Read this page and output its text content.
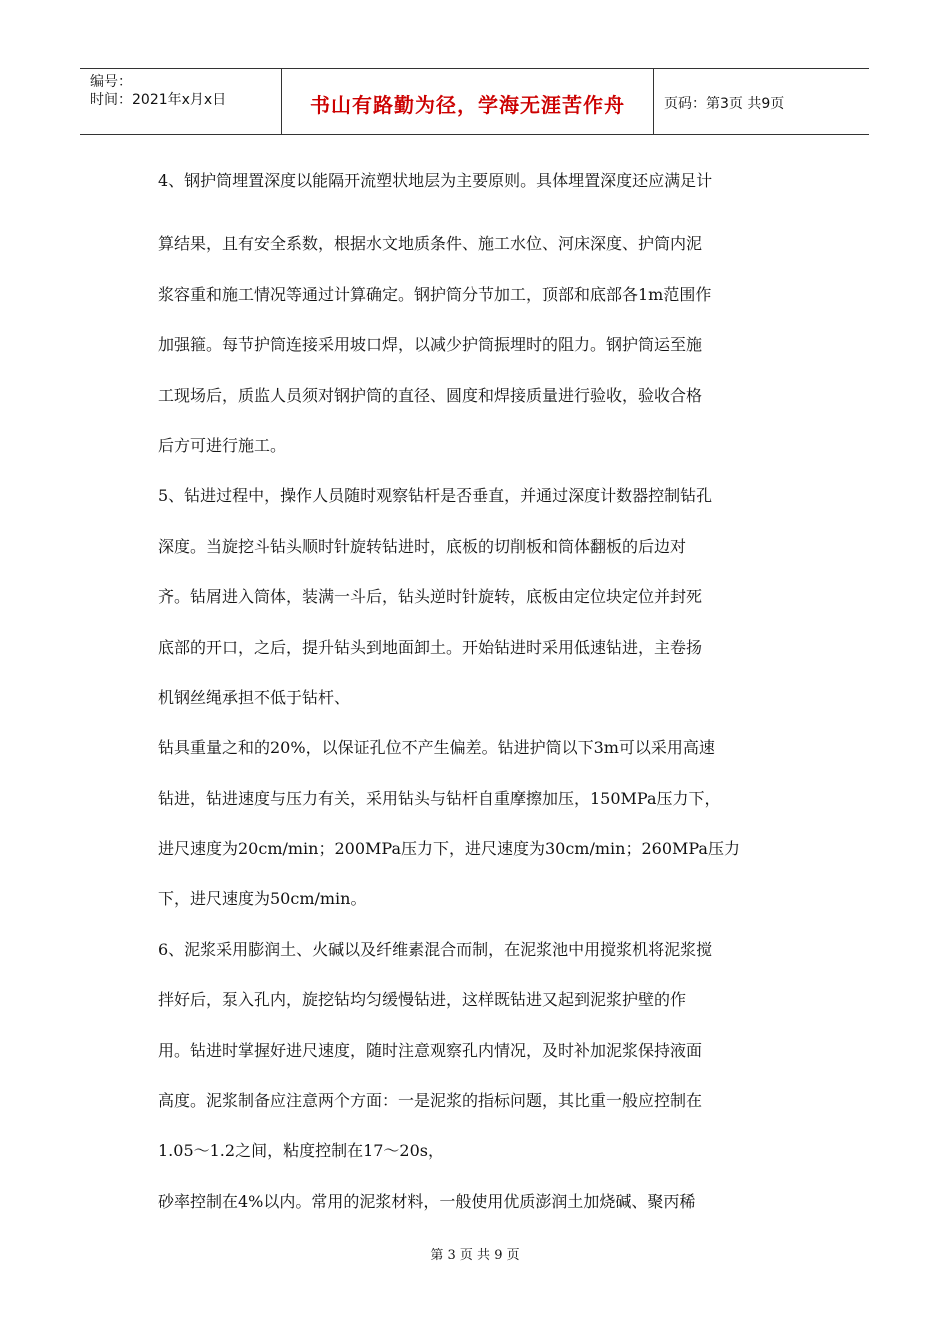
编号：
时间：2021年x月x日	书山有路勤为径，学海无涯苦作舟	页码：第3页 共9页
4、钢护筒埋置深度以能隔开流塑状地层为主要原则。具体埋置深度还应满足计
算结果，且有安全系数，根据水文地质条件、施工水位、河床深度、护筒内泥
浆容重和施工情况等通过计算确定。钢护筒分节加工，顶部和底部各1m范围作
加强箍。每节护筒连接采用坡口焊，以减少护筒振埋时的阻力。钢护筒运至施
工现场后，质监人员须对钢护筒的直径、圆度和焊接质量进行验收，验收合格
后方可进行施工。
5、钻进过程中，操作人员随时观察钻杆是否垂直，并通过深度计数器控制钻孔
深度。当旋挖斗钻头顺时针旋转钻进时，底板的切削板和筒体翻板的后边对
齐。钻屑进入筒体，装满一斗后，钻头逆时针旋转，底板由定位块定位并封死
底部的开口，之后，提升钻头到地面卸土。开始钻进时采用低速钻进，主卷扬
机钢丝绳承担不低于钻杆、
钻具重量之和的20%，以保证孔位不产生偏差。钻进护筒以下3m可以采用高速
钻进，钻进速度与压力有关，采用钻头与钻杆自重摩擦加压，150MPa压力下，
进尺速度为20cm/min；200MPa压力下，进尺速度为30cm/min；260MPa压力
下，进尺速度为50cm/min。
6、泥浆采用膨润土、火碱以及纤维素混合而制，在泥浆池中用搅浆机将泥浆搅
拌好后，泵入孔内，旋挖钻均匀缓慢钻进，这样既钻进又起到泥浆护壁的作
用。钻进时掌握好进尺速度，随时注意观察孔内情况，及时补加泥浆保持液面
高度。泥浆制备应注意两个方面：一是泥浆的指标问题，其比重一般应控制在
1.05～1.2之间，粘度控制在17～20s，
砂率控制在4%以内。常用的泥浆材料，一般使用优质澎润土加烧碱、聚丙稀
第 3 页 共 9 页
